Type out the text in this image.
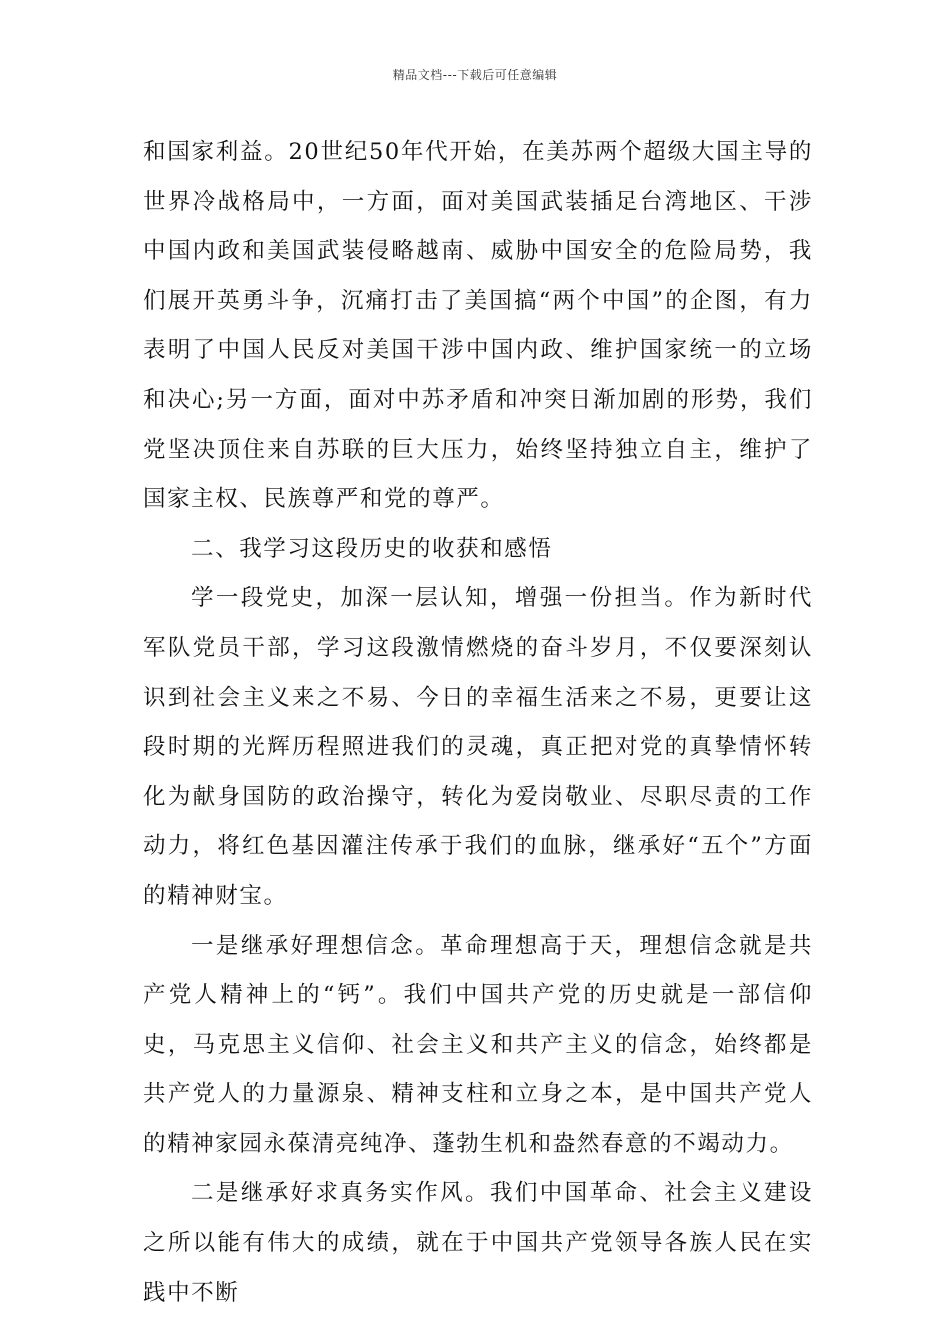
精品文档---下载后可任意编辑

和国家利益。20世纪50年代开始，在美苏两个超级大国主导的世界冷战格局中，一方面，面对美国武装插足台湾地区、干涉中国内政和美国武装侵略越南、威胁中国安全的危险局势，我们展开英勇斗争，沉痛打击了美国搞“两个中国”的企图，有力表明了中国人民反对美国干涉中国内政、维护国家统一的立场和决心;另一方面，面对中苏矛盾和冲突日渐加剧的形势，我们党坚决顶住来自苏联的巨大压力，始终坚持独立自主，维护了国家主权、民族尊严和党的尊严。

二、我学习这段历史的收获和感悟

学一段党史，加深一层认知，增强一份担当。作为新时代军队党员干部，学习这段激情燃烧的奋斗岁月，不仅要深刻认识到社会主义来之不易、今日的幸福生活来之不易，更要让这段时期的光辉历程照进我们的灵魂，真正把对党的真挚情怀转化为献身国防的政治操守，转化为爱岗敬业、尽职尽责的工作动力，将红色基因灌注传承于我们的血脉，继承好“五个”方面的精神财宝。

一是继承好理想信念。革命理想高于天，理想信念就是共产党人精神上的“钙”。我们中国共产党的历史就是一部信仰史，马克思主义信仰、社会主义和共产主义的信念，始终都是共产党人的力量源泉、精神支柱和立身之本，是中国共产党人的精神家园永葆清亮纯净、蓬勃生机和盎然春意的不竭动力。

二是继承好求真务实作风。我们中国革命、社会主义建设之所以能有伟大的成绩，就在于中国共产党领导各族人民在实践中不断
